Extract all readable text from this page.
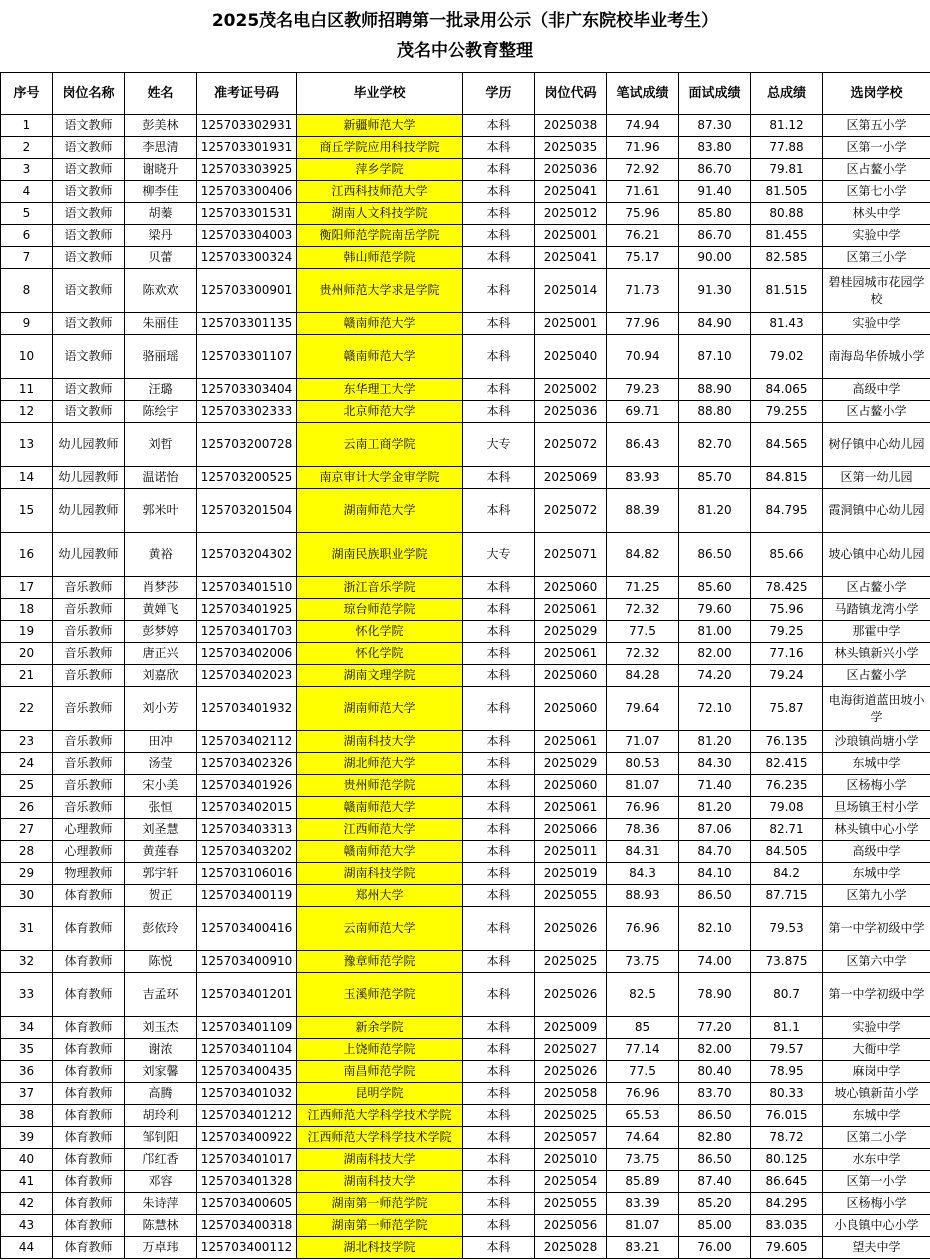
2025茂名电白区教师招聘第一批录用公示（非广东院校毕业考生）
茂名中公教育整理
序号	岗位名称	姓名	准考证号码	毕业学校	学历	岗位代码	笔试成绩	面试成绩	总成绩	选岗学校
1	语文教师	彭美林	125703302931	新疆师范大学	本科	2025038	74.94	87.30	81.12	区第五小学
2	语文教师	李思清	125703301931	商丘学院应用科技学院	本科	2025035	71.96	83.80	77.88	区第一小学
3	语文教师	谢晓升	125703303925	萍乡学院	本科	2025036	72.92	86.70	79.81	区占鳌小学
4	语文教师	柳李佳	125703300406	江西科技师范大学	本科	2025041	71.61	91.40	81.505	区第七小学
5	语文教师	胡蓁	125703301531	湖南人文科技学院	本科	2025012	75.96	85.80	80.88	林头中学
6	语文教师	梁丹	125703304003	衡阳师范学院南岳学院	本科	2025001	76.21	86.70	81.455	实验中学
7	语文教师	贝蕾	125703300324	韩山师范学院	本科	2025041	75.17	90.00	82.585	区第三小学
8	语文教师	陈欢欢	125703300901	贵州师范大学求是学院	本科	2025014	71.73	91.30	81.515	碧桂园城市花园学校
9	语文教师	朱丽佳	125703301135	赣南师范大学	本科	2025001	77.96	84.90	81.43	实验中学
10	语文教师	骆丽瑶	125703301107	赣南师范大学	本科	2025040	70.94	87.10	79.02	南海岛华侨城小学
11	语文教师	汪璐	125703303404	东华理工大学	本科	2025002	79.23	88.90	84.065	高级中学
12	语文教师	陈绘宇	125703302333	北京师范大学	本科	2025036	69.71	88.80	79.255	区占鳌小学
13	幼儿园教师	刘哲	125703200728	云南工商学院	大专	2025072	86.43	82.70	84.565	树仔镇中心幼儿园
14	幼儿园教师	温诺怡	125703200525	南京审计大学金审学院	本科	2025069	83.93	85.70	84.815	区第一幼儿园
15	幼儿园教师	郭米叶	125703201504	湖南师范大学	本科	2025072	88.39	81.20	84.795	霞洞镇中心幼儿园
16	幼儿园教师	黄裕	125703204302	湖南民族职业学院	大专	2025071	84.82	86.50	85.66	坡心镇中心幼儿园
17	音乐教师	肖梦莎	125703401510	浙江音乐学院	本科	2025060	71.25	85.60	78.425	区占鳌小学
18	音乐教师	黄婵飞	125703401925	琼台师范学院	本科	2025061	72.32	79.60	75.96	马踏镇龙湾小学
19	音乐教师	彭梦婷	125703401703	怀化学院	本科	2025029	77.5	81.00	79.25	那霍中学
20	音乐教师	唐正兴	125703402006	怀化学院	本科	2025061	72.32	82.00	77.16	林头镇新兴小学
21	音乐教师	刘嘉欣	125703402023	湖南文理学院	本科	2025060	84.28	74.20	79.24	区占鳌小学
22	音乐教师	刘小芳	125703401932	湖南师范大学	本科	2025060	79.64	72.10	75.87	电海街道蓝田坡小学
23	音乐教师	田冲	125703402112	湖南科技大学	本科	2025061	71.07	81.20	76.135	沙琅镇尚塘小学
24	音乐教师	汤莹	125703402326	湖北师范大学	本科	2025029	80.53	84.30	82.415	东城中学
25	音乐教师	宋小美	125703401926	贵州师范学院	本科	2025060	81.07	71.40	76.235	区杨梅小学
26	音乐教师	张恒	125703402015	赣南师范大学	本科	2025061	76.96	81.20	79.08	旦场镇王村小学
27	心理教师	刘圣慧	125703403313	江西师范大学	本科	2025066	78.36	87.06	82.71	林头镇中心小学
28	心理教师	黄莲春	125703403202	赣南师范大学	本科	2025011	84.31	84.70	84.505	高级中学
29	物理教师	郭宇轩	125703106016	湖南科技学院	本科	2025019	84.3	84.10	84.2	东城中学
30	体育教师	贺正	125703400119	郑州大学	本科	2025055	88.93	86.50	87.715	区第九小学
31	体育教师	彭依玲	125703400416	云南师范大学	本科	2025026	76.96	82.10	79.53	第一中学初级中学
32	体育教师	陈悦	125703400910	豫章师范学院	本科	2025025	73.75	74.00	73.875	区第六中学
33	体育教师	吉孟环	125703401201	玉溪师范学院	本科	2025026	82.5	78.90	80.7	第一中学初级中学
34	体育教师	刘玉杰	125703401109	新余学院	本科	2025009	85	77.20	81.1	实验中学
35	体育教师	谢浓	125703401104	上饶师范学院	本科	2025027	77.14	82.00	79.57	大衙中学
36	体育教师	刘家馨	125703400435	南昌师范学院	本科	2025026	77.5	80.40	78.95	麻岗中学
37	体育教师	高腾	125703401032	昆明学院	本科	2025058	76.96	83.70	80.33	坡心镇新苗小学
38	体育教师	胡玲利	125703401212	江西师范大学科学技术学院	本科	2025025	65.53	86.50	76.015	东城中学
39	体育教师	邹钊阳	125703400922	江西师范大学科学技术学院	本科	2025057	74.64	82.80	78.72	区第二小学
40	体育教师	邝红香	125703401017	湖南科技大学	本科	2025010	73.75	86.50	80.125	水东中学
41	体育教师	邓容	125703401328	湖南科技大学	本科	2025054	85.89	87.40	86.645	区第一小学
42	体育教师	朱诗萍	125703400605	湖南第一师范学院	本科	2025055	83.39	85.20	84.295	区杨梅小学
43	体育教师	陈慧林	125703400318	湖南第一师范学院	本科	2025056	81.07	85.00	83.035	小良镇中心小学
44	体育教师	万卓玮	125703400112	湖北科技学院	本科	2025028	83.21	76.00	79.605	望夫中学
